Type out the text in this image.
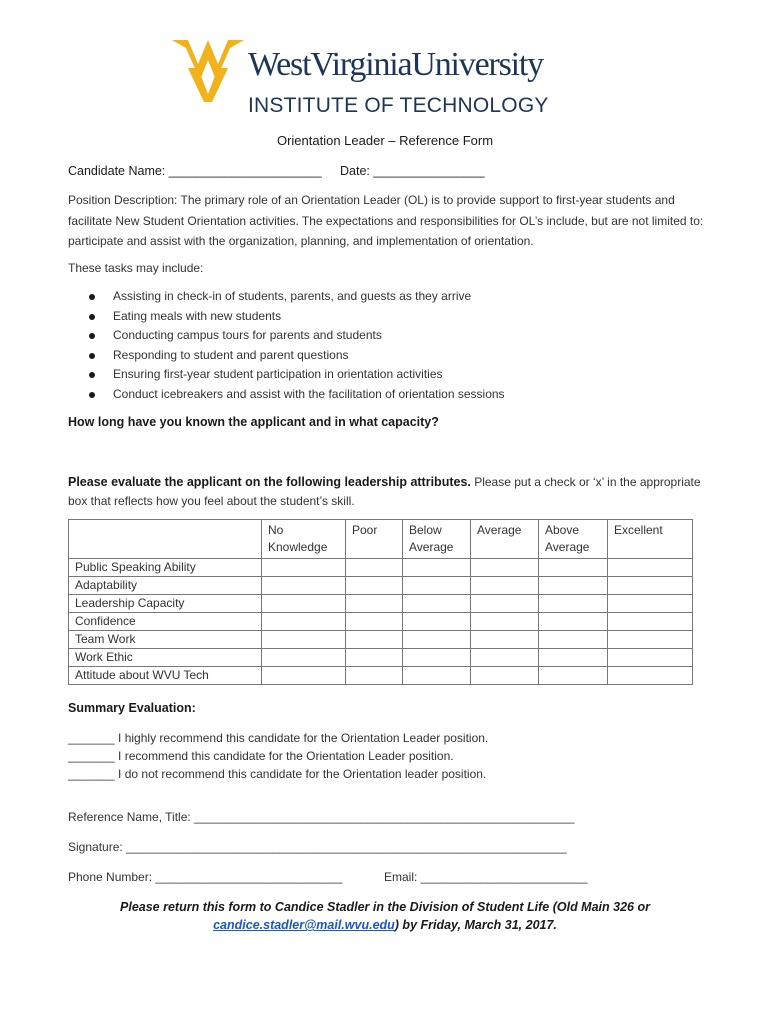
WestVirginiaUniversity
INSTITUTE OF TECHNOLOGY
Orientation Leader – Reference Form
Candidate Name: ______________________ Date: ________________
Position Description: The primary role of an Orientation Leader (OL) is to provide support to first-year students and facilitate New Student Orientation activities. The expectations and responsibilities for OL’s include, but are not limited to: participate and assist with the organization, planning, and implementation of orientation.
These tasks may include:
Assisting in check-in of students, parents, and guests as they arrive
Eating meals with new students
Conducting campus tours for parents and students
Responding to student and parent questions
Ensuring first-year student participation in orientation activities
Conduct icebreakers and assist with the facilitation of orientation sessions
How long have you known the applicant and in what capacity?
Please evaluate the applicant on the following leadership attributes. Please put a check or ‘x’ in the appropriate box that reflects how you feel about the student’s skill.
	No Knowledge	Poor	Below Average	Average	Above Average	Excellent
Public Speaking Ability						
Adaptability						
Leadership Capacity						
Confidence						
Team Work						
Work Ethic						
Attitude about WVU Tech						
Summary Evaluation:
_______ I highly recommend this candidate for the Orientation Leader position.
_______ I recommend this candidate for the Orientation Leader position.
_______ I do not recommend this candidate for the Orientation leader position.
Reference Name, Title: _________________________________________________________
Signature: __________________________________________________________________
Phone Number: ____________________________	Email: _________________________
Please return this form to Candice Stadler in the Division of Student Life (Old Main 326 or
candice.stadler@mail.wvu.edu) by Friday, March 31, 2017.
